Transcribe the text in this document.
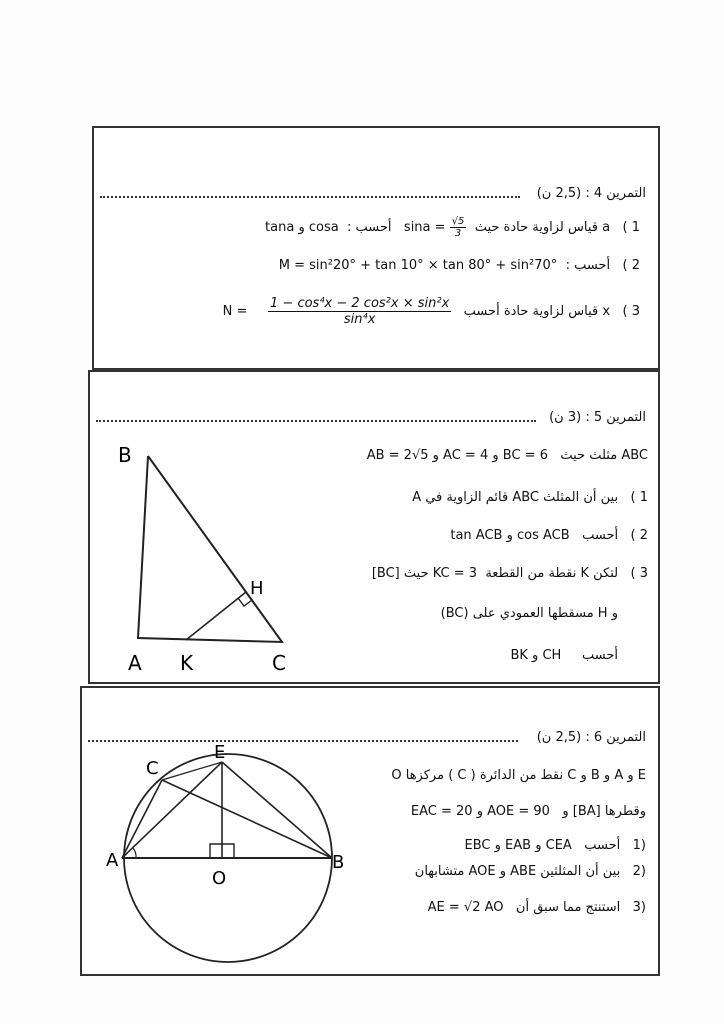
التمرين 4 : (2,5 ن)
1 )   a قياس لزاوية حادة حيث  $\sin a = \frac{√5}{3}$
أحسب :  tana و cosa
2 )   أحسب :  M = sin²20° + tan 10° × tan 80° + sin²70°
3 )   x قياس لزاوية حادة أحسب   $N = \frac{\text{1 − cos⁴x − 2 cos²x × sin²x}}{\text{sin⁴x}}$
التمرين 5 : (3 ن)
B
H
A K	C
ABC مثلث حيث   AB = 2√5 و AC = 4 و BC = 6
1 )   بين أن المثلث ABC قائم الزاوية في A
2 )   أحسب   tan ACB و cos ACB
3 )   لتكن K نقطة من القطعة  [BC] حيث KC = 3
و H مسقطها العمودي على (BC)
أحسب     BK و CH
التمرين 6 : (2,5 ن)
E
C
A	B
O
E و A و B و C نقط من الدائرة ( C ) مركزها O
وقطرها [BA] و   EAC = 20 و AOE = 90
(1   أحسب   EBC و EAB و CEA
(2   بين أن المثلثين ABE و AOE متشابهان
(3   استنتج مما سبق أن   AE = √2 AO
